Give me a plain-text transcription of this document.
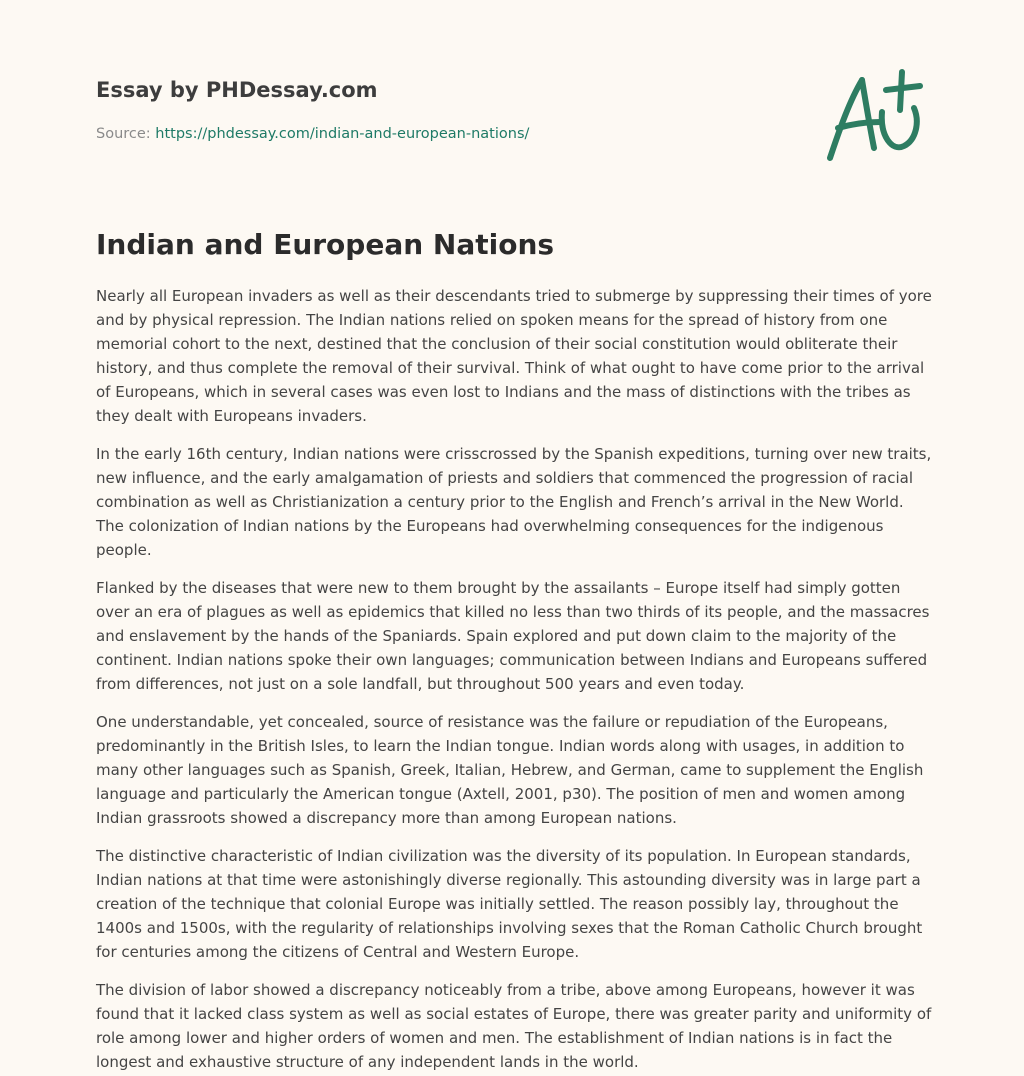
Essay by PHDessay.com
Source: https://phdessay.com/indian-and-european-nations/
Indian and European Nations

Nearly all European invaders as well as their descendants tried to submerge by suppressing their times of yore and by physical repression. The Indian nations relied on spoken means for the spread of history from one memorial cohort to the next, destined that the conclusion of their social constitution would obliterate their history, and thus complete the removal of their survival. Think of what ought to have come prior to the arrival of Europeans, which in several cases was even lost to Indians and the mass of distinctions with the tribes as they dealt with Europeans invaders.

In the early 16th century, Indian nations were crisscrossed by the Spanish expeditions, turning over new traits, new influence, and the early amalgamation of priests and soldiers that commenced the progression of racial combination as well as Christianization a century prior to the English and French’s arrival in the New World. The colonization of Indian nations by the Europeans had overwhelming consequences for the indigenous people.

Flanked by the diseases that were new to them brought by the assailants – Europe itself had simply gotten over an era of plagues as well as epidemics that killed no less than two thirds of its people, and the massacres and enslavement by the hands of the Spaniards. Spain explored and put down claim to the majority of the continent. Indian nations spoke their own languages; communication between Indians and Europeans suffered from differences, not just on a sole landfall, but throughout 500 years and even today.

One understandable, yet concealed, source of resistance was the failure or repudiation of the Europeans, predominantly in the British Isles, to learn the Indian tongue. Indian words along with usages, in addition to many other languages such as Spanish, Greek, Italian, Hebrew, and German, came to supplement the English language and particularly the American tongue (Axtell, 2001, p30). The position of men and women among Indian grassroots showed a discrepancy more than among European nations.

The distinctive characteristic of Indian civilization was the diversity of its population. In European standards, Indian nations at that time were astonishingly diverse regionally. This astounding diversity was in large part a creation of the technique that colonial Europe was initially settled. The reason possibly lay, throughout the 1400s and 1500s, with the regularity of relationships involving sexes that the Roman Catholic Church brought for centuries among the citizens of Central and Western Europe.

The division of labor showed a discrepancy noticeably from a tribe, above among Europeans, however it was found that it lacked class system as well as social estates of Europe, there was greater parity and uniformity of role among lower and higher orders of women and men. The establishment of Indian nations is in fact the longest and exhaustive structure of any independent lands in the world.
